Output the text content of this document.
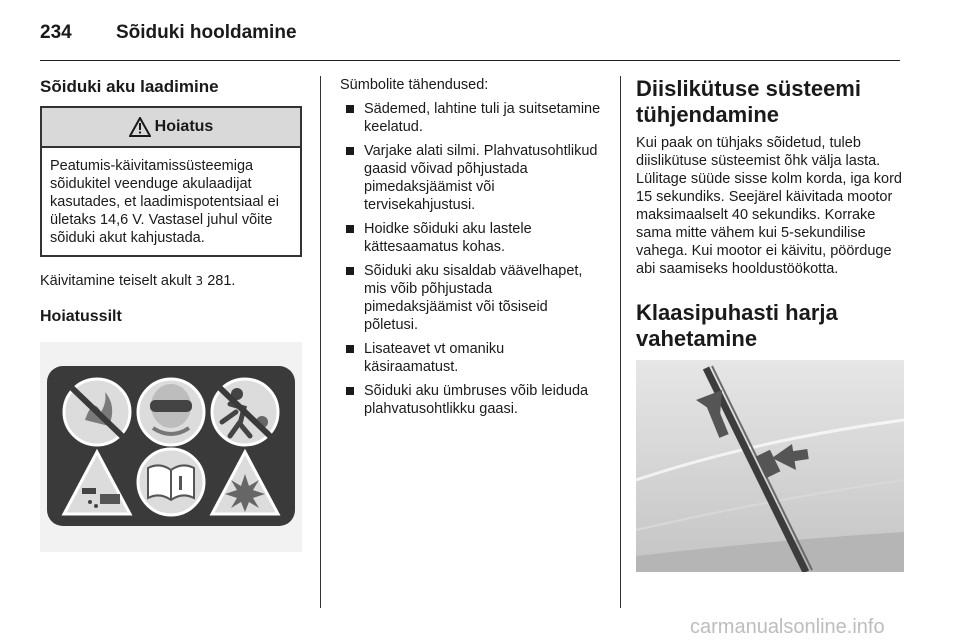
234 Sõiduki hooldamine
Sõiduki aku laadimine
Hoiatus
Peatumis-käivitamissüsteemiga sõidukitel veenduge akulaadijat kasutades, et laadimispotentsiaal ei ületaks 14,6 V. Vastasel juhul võite sõiduki akut kahjustada.

Käivitamine teiselt akult 3 281.

Hoiatussilt

Sümbolite tähendused:

Sädemed, lahtine tuli ja suitsetamine keelatud.
Varjake alati silmi. Plahvatusohtlikud gaasid võivad põhjustada pimedaksjäämist või tervisekahjustusi.
Hoidke sõiduki aku lastele kättesaamatus kohas.
Sõiduki aku sisaldab väävelhapet, mis võib põhjustada pimedaksjäämist või tõsiseid põletusi.
Lisateavet vt omaniku käsiraamatust.
Sõiduki aku ümbruses võib leiduda plahvatusohtlikku gaasi.
Diislikütuse süsteemi tühjendamine

Kui paak on tühjaks sõidetud, tuleb diislikütuse süsteemist õhk välja lasta. Lülitage süüde sisse kolm korda, iga kord 15 sekundiks. Seejärel käivitada mootor maksimaalselt 40 sekundiks. Korrake sama mitte vähem kui 5-sekundilise vahega. Kui mootor ei käivitu, pöörduge abi saamiseks hooldustöökotta.

Klaasipuhasti harja vahetamine
carmanualsonline.info
